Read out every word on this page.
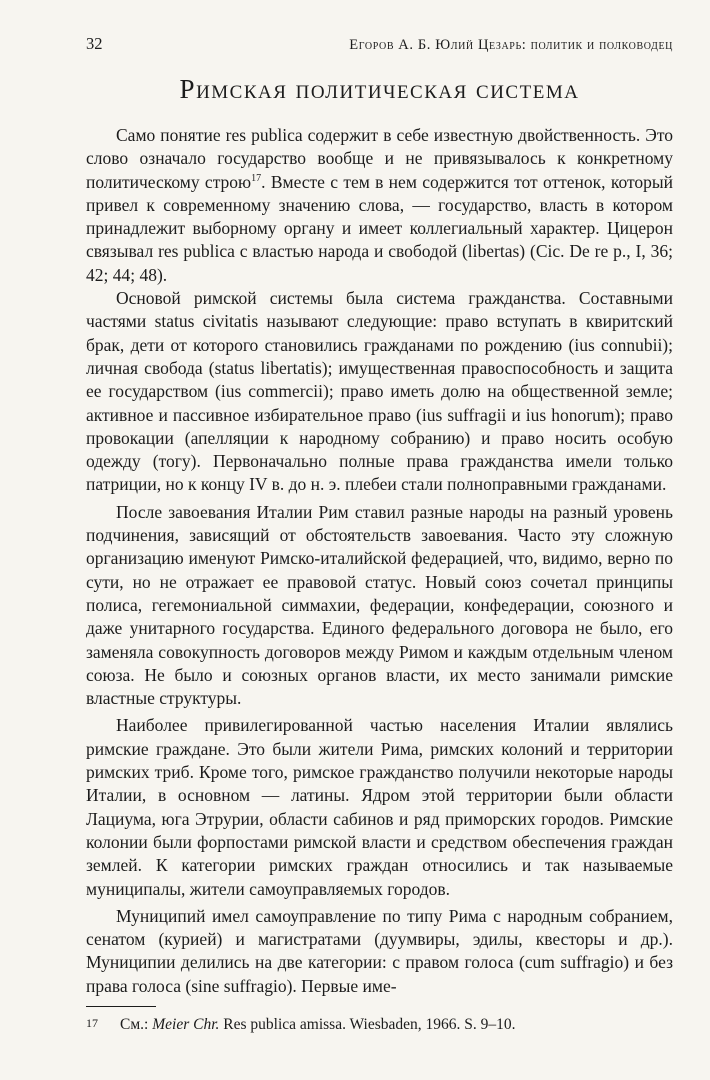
32	Егоров А. Б. Юлий Цезарь: политик и полководец
Римская политическая система

Само понятие res publica содержит в себе известную двойственность. Это слово означало государство вообще и не привязывалось к конкретному политическому строю$^{17}$. Вместе с тем в нем содержится тот оттенок, который привел к современному значению слова, — государство, власть в котором принадлежит выборному органу и имеет коллегиальный характер. Цицерон связывал res publica с властью народа и свободой (libertas) (Cic. De re p., I, 36; 42; 44; 48).

Основой римской системы была система гражданства. Составными частями status civitatis называют следующие: право вступать в квиритский брак, дети от которого становились гражданами по рождению (ius connubii); личная свобода (status libertatis); имущественная правоспособность и защита ее государством (ius commercii); право иметь долю на общественной земле; активное и пассивное избирательное право (ius suffragii и ius honorum); право провокации (апелляции к народному собранию) и право носить особую одежду (тогу). Первоначально полные права гражданства имели только патриции, но к концу IV в. до н. э. плебеи стали полноправными гражданами.

После завоевания Италии Рим ставил разные народы на разный уровень подчинения, зависящий от обстоятельств завоевания. Часто эту сложную организацию именуют Римско-италийской федерацией, что, видимо, верно по сути, но не отражает ее правовой статус. Новый союз сочетал принципы полиса, гегемониальной симмахии, федерации, конфедерации, союзного и даже унитарного государства. Единого федерального договора не было, его заменяла совокупность договоров между Римом и каждым отдельным членом союза. Не было и союзных органов власти, их место занимали римские властные структуры.

Наиболее привилегированной частью населения Италии являлись римские граждане. Это были жители Рима, римских колоний и территории римских триб. Кроме того, римское гражданство получили некоторые народы Италии, в основном — латины. Ядром этой территории были области Лациума, юга Этрурии, области сабинов и ряд приморских городов. Римские колонии были форпостами римской власти и средством обеспечения граждан землей. К категории римских граждан относились и так называемые муниципалы, жители самоуправляемых городов.

Муниципий имел самоуправление по типу Рима с народным собранием, сенатом (курией) и магистратами (дуумвиры, эдилы, квесторы и др.). Муниципии делились на две категории: с правом голоса (cum suffragio) и без права голоса (sine suffragio). Первые име-

17 См.: Meier Chr. Res publica amissa. Wiesbaden, 1966. S. 9–10.
